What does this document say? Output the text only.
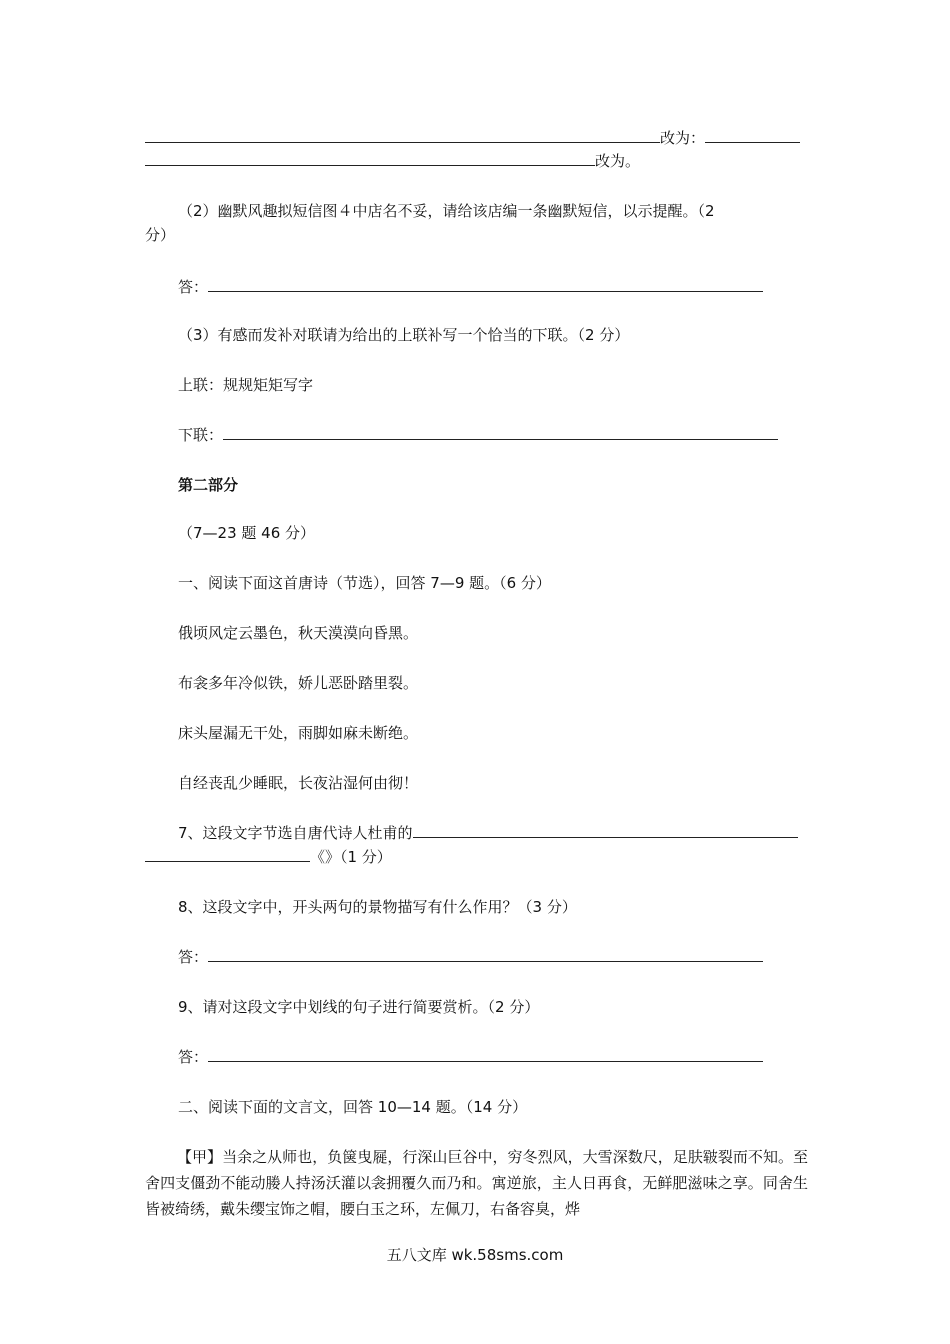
改为：
改为。
（2）幽默风趣拟短信图４中店名不妥，请给该店编一条幽默短信，以示提醒。（2
分）
答：
（3）有感而发补对联请为给出的上联补写一个恰当的下联。（2 分）
上联：规规矩矩写字
下联：
第二部分
（7—23 题 46 分）
一、阅读下面这首唐诗（节选），回答 7—9 题。（6 分）
俄顷风定云墨色，秋天漠漠向昏黑。
布衾多年冷似铁，娇儿恶卧踏里裂。
床头屋漏无干处，雨脚如麻未断绝。
自经丧乱少睡眠，长夜沾湿何由彻！
7、这段文字节选自唐代诗人杜甫的
《》（1 分）
8、这段文字中，开头两句的景物描写有什么作用？（3 分）
答：
9、请对这段文字中划线的句子进行简要赏析。（2 分）
答：
二、阅读下面的文言文，回答 10—14 题。（14 分）
【甲】当余之从师也，负箧曳屣，行深山巨谷中，穷冬烈风，大雪深数尺，足肤皲裂而不知。至舍四支僵劲不能动媵人持汤沃灌以衾拥覆久而乃和。寓逆旅，主人日再食，无鲜肥滋味之享。同舍生皆被绮绣，戴朱缨宝饰之帽，腰白玉之环，左佩刀，右备容臭，烨
五八文库 wk.58sms.com
